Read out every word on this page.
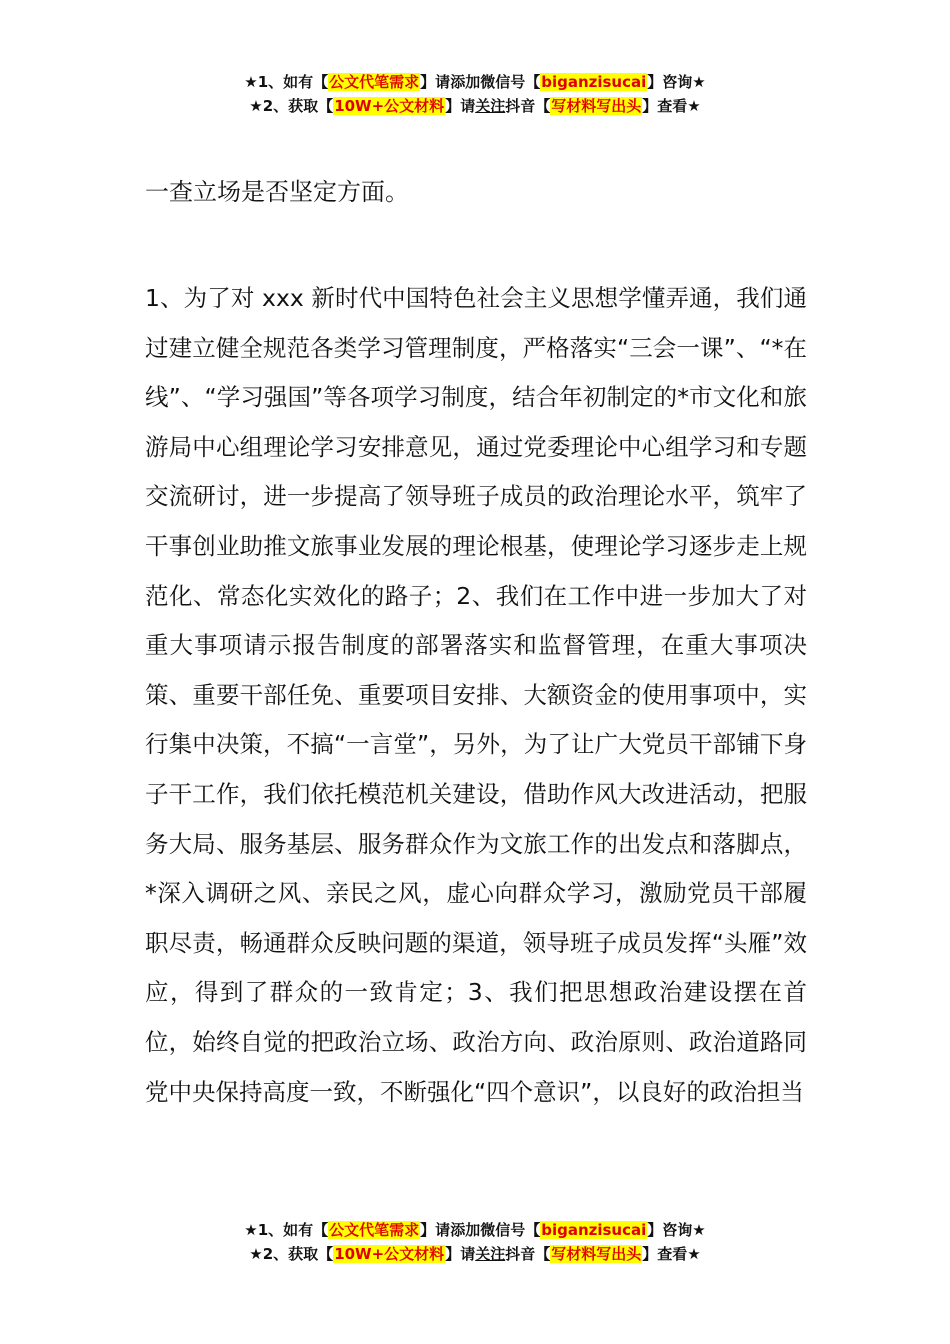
★1、如有【公文代笔需求】请添加微信号【biganzisucai】咨询★
★2、获取【10W+公文材料】请关注抖音【写材料写出头】查看★
一查立场是否坚定方面。
1、为了对 xxx 新时代中国特色社会主义思想学懂弄通，我们通过建立健全规范各类学习管理制度，严格落实“三会一课”、“*在线”、“学习强国”等各项学习制度，结合年初制定的*市文化和旅游局中心组理论学习安排意见，通过党委理论中心组学习和专题交流研讨，进一步提高了领导班子成员的政治理论水平，筑牢了干事创业助推文旅事业发展的理论根基，使理论学习逐步走上规范化、常态化实效化的路子；2、我们在工作中进一步加大了对重大事项请示报告制度的部署落实和监督管理，在重大事项决策、重要干部任免、重要项目安排、大额资金的使用事项中，实行集中决策，不搞“一言堂”，另外，为了让广大党员干部铺下身子干工作，我们依托模范机关建设，借助作风大改进活动，把服务大局、服务基层、服务群众作为文旅工作的出发点和落脚点，*深入调研之风、亲民之风，虚心向群众学习，激励党员干部履职尽责，畅通群众反映问题的渠道，领导班子成员发挥“头雁”效应，得到了群众的一致肯定；3、我们把思想政治建设摆在首位，始终自觉的把政治立场、政治方向、政治原则、政治道路同党中央保持高度一致，不断强化“四个意识”，以良好的政治担当
★1、如有【公文代笔需求】请添加微信号【biganzisucai】咨询★
★2、获取【10W+公文材料】请关注抖音【写材料写出头】查看★
